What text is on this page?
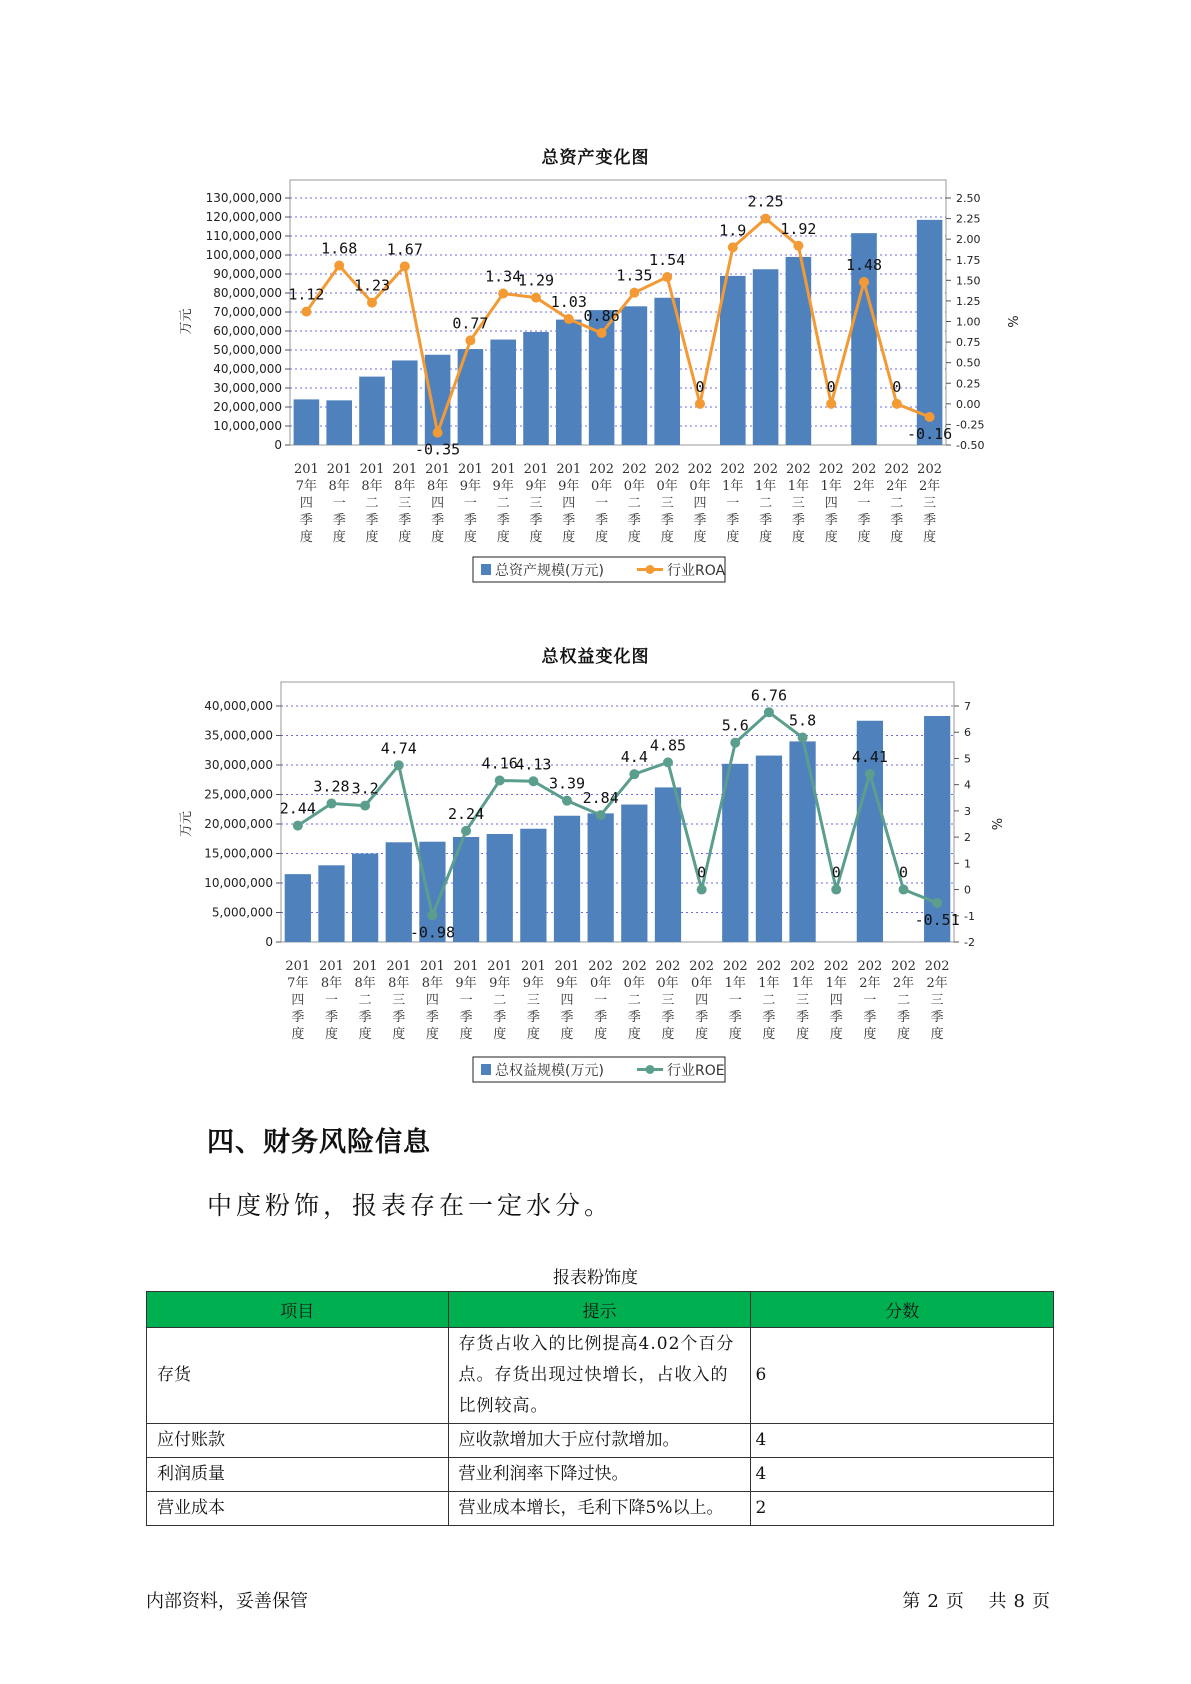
总资产变化图
0
10,000,000
20,000,000
30,000,000
40,000,000
50,000,000
60,000,000
70,000,000
80,000,000
90,000,000
100,000,000
110,000,000
120,000,000
130,000,000
-0.50
-0.25
0.00
0.25
0.50
0.75
1.00
1.25
1.50
1.75
2.00
2.25
2.50
万元	%
201 7年四季度
201 8年一季度
201 8年二季度
201 8年三季度
201 8年四季度
201 9年一季度
201 9年二季度
201 9年三季度
201 9年四季度
202 0年一季度
202 0年二季度
202 0年三季度
202 0年四季度
202 1年一季度
202 1年二季度
202 1年三季度
202 1年四季度
202 2年一季度
202 2年二季度
202 2年三季度
1.12
1.68
1.23
1.67
-0.35
0.77
1.34
1.29
1.03
0.86
1.35
1.54
0
1.9
2.25
1.92
0
1.48
0
-0.16
总资产规模(万元)	行业ROA
总权益变化图
0
5,000,000
10,000,000
15,000,000
20,000,000
25,000,000
30,000,000
35,000,000
40,000,000
-2
-1
0
1
2
3
4
5
6
7
万元	%
201 7年四季度
201 8年一季度
201 8年二季度
201 8年三季度
201 8年四季度
201 9年一季度
201 9年二季度
201 9年三季度
201 9年四季度
202 0年一季度
202 0年二季度
202 0年三季度
202 0年四季度
202 1年一季度
202 1年二季度
202 1年三季度
202 1年四季度
202 2年一季度
202 2年二季度
202 2年三季度
2.44
3.28 3.2
4.74
-0.98
2.24
4.16
4.13
3.39
2.84
4.4
4.85
0
5.6
6.76
5.8
0
4.41
0
-0.51
总权益规模(万元)	行业ROE
四、财务风险信息
中度粉饰，报表存在一定水分。
报表粉饰度
项目	提示	分数
存货	存货占收入的比例提高4.02个百分点。存货出现过快增长，占收入的比例较高。	6
应付账款	应收款增加大于应付款增加。	4
利润质量	营业利润率下降过快。	4
营业成本	营业成本增长，毛利下降5%以上。	2
内部资料，妥善保管	第 2 页 共 8 页
